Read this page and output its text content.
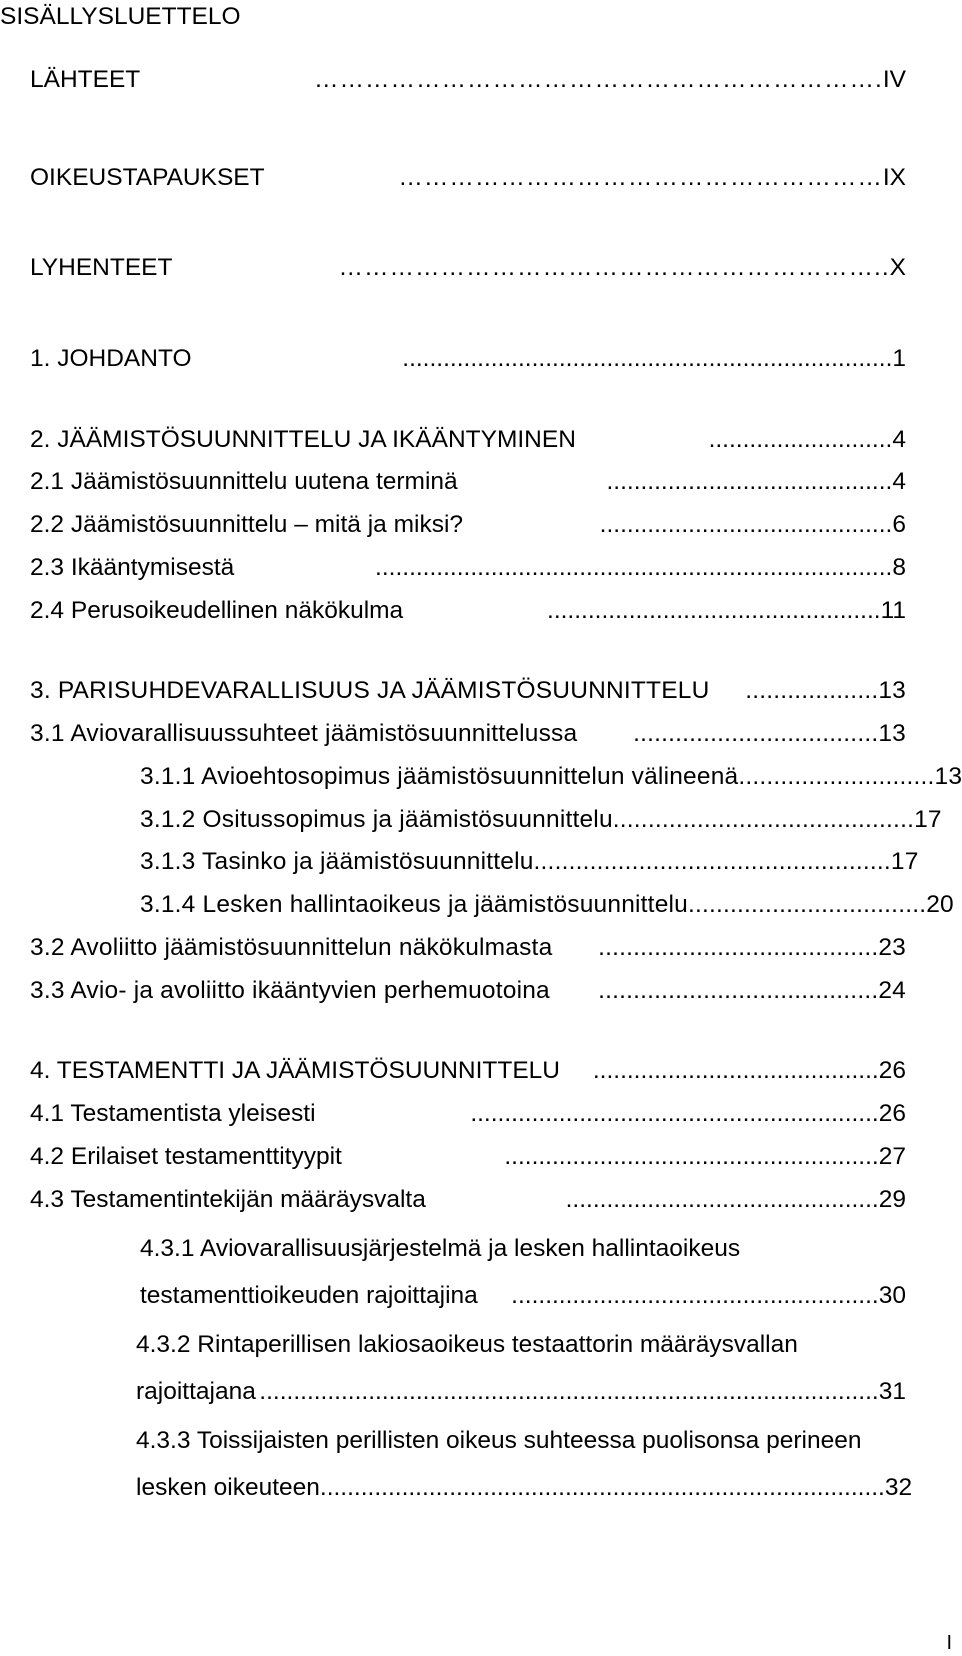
SISÄLLYSLUETTELO
LÄHTEET	…………………………………………………………. IV
OIKEUSTAPAUKSET	………………………………………………… IX
LYHENTEET	……………………………………………………….. X
1. JOHDANTO	....................................................................... .1
2. JÄÄMISTÖSUUNNITTELU JA IKÄÄNTYMINEN	........................... 4
2.1 Jäämistösuunnittelu uutena terminä	.......................................... 4
2.2 Jäämistösuunnittelu – mitä ja miksi?	........................................... 6
2.3 Ikääntymisestä	............................................................................ 8
2.4 Perusoikeudellinen näkökulma	................................................. 11
3. PARISUHDEVARALLISUUS JA JÄÄMISTÖSUUNNITTELU	................... 13
3.1 Aviovarallisuussuhteet jäämistösuunnittelussa	................................... 13
3.1.1 Avioehtosopimus jäämistösuunnittelun välineenä. ........................... 13
3.1.2 Ositussopimus ja jäämistösuunnittelu ........................................... 17
3.1.3 Tasinko ja jäämistösuunnittelu ................................................... 17
3.1.4 Lesken hallintaoikeus ja jäämistösuunnittelu .................................. 20
3.2 Avoliitto jäämistösuunnittelun näkökulmasta	........................................ 23
3.3 Avio- ja avoliitto ikääntyvien perhemuotoina	........................................ 24
4. TESTAMENTTI JA JÄÄMISTÖSUUNNITTELU	.......................................... 26
4.1 Testamentista yleisesti	............................................................ 26
4.2 Erilaiset testamenttityypit	....................................................... 27
4.3 Testamentintekijän määräysvalta	.............................................. 29
4.3.1 Aviovarallisuusjärjestelmä ja lesken hallintaoikeus
testamenttioikeuden rajoittajina	...................................................... 30
4.3.2 Rintaperillisen lakiosaoikeus testaattorin määräysvallan
rajoittajana ........................................................................................... 31
4.3.3 Toissijaisten perillisten oikeus suhteessa puolisonsa perineen
lesken oikeuteen ................................................................................... 32
I
